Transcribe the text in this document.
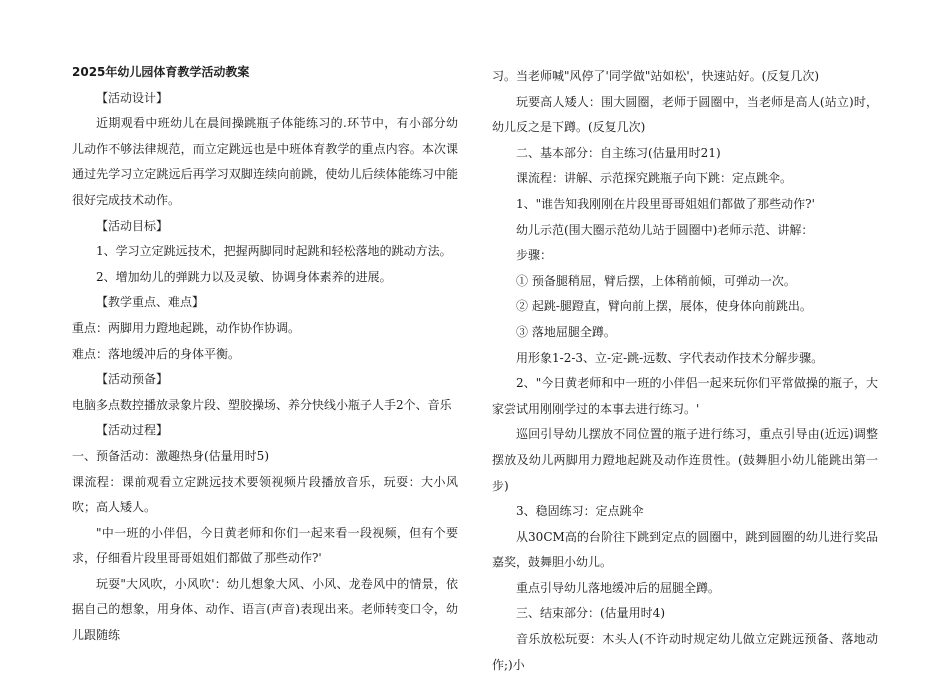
2025年幼儿园体育教学活动教案

【活动设计】

近期观看中班幼儿在晨间操跳瓶子体能练习的.环节中，有小部分幼儿动作不够法律规范，而立定跳远也是中班体育教学的重点内容。本次课通过先学习立定跳远后再学习双脚连续向前跳，使幼儿后续体能练习中能很好完成技术动作。

【活动目标】

1、学习立定跳远技术，把握两脚同时起跳和轻松落地的跳动方法。

2、增加幼儿的弹跳力以及灵敏、协调身体素养的进展。

【教学重点、难点】

重点：两脚用力蹬地起跳，动作协作协调。

难点：落地缓冲后的身体平衡。

【活动预备】

电脑多点数控播放录象片段、塑胶操场、养分快线小瓶子人手2个、音乐

【活动过程】

一、预备活动：激趣热身(估量用时5)

课流程：课前观看立定跳远技术要领视频片段播放音乐，玩耍：大小风吹；高人矮人。

"中一班的小伴侣，今日黄老师和你们一起来看一段视频，但有个要求，仔细看片段里哥哥姐姐们都做了那些动作?'

玩耍"大风吹，小风吹'：幼儿想象大风、小风、龙卷风中的情景，依据自己的想象，用身体、动作、语言(声音)表现出来。老师转变口令，幼儿跟随练

习。当老师喊"风停了'同学做"站如松'，快速站好。(反复几次)

玩要高人矮人：围大圆圈，老师于圆圈中，当老师是高人(站立)时，幼儿反之是下蹲。(反复几次)

二、基本部分：自主练习(估量用时21)

课流程：讲解、示范探究跳瓶子向下跳：定点跳伞。

1、"谁告知我刚刚在片段里哥哥姐姐们都做了那些动作?'

幼儿示范(围大圈示范幼儿站于圆圈中)老师示范、讲解：

步骤：

① 预备腿稍屈，臂后摆，上体稍前倾，可弹动一次。

② 起跳-腿蹬直，臂向前上摆，展体，使身体向前跳出。

③ 落地屈腿全蹲。

用形象1-2-3、立-定-跳-远数、字代表动作技术分解步骤。

2、"今日黄老师和中一班的小伴侣一起来玩你们平常做操的瓶子，大家尝试用刚刚学过的本事去进行练习。'

巡回引导幼儿摆放不同位置的瓶子进行练习，重点引导由(近远)调整摆放及幼儿两脚用力蹬地起跳及动作连贯性。(鼓舞胆小幼儿能跳出第一步)

3、稳固练习：定点跳伞

从30CM高的台阶往下跳到定点的圆圈中，跳到圆圈的幼儿进行奖品嘉奖，鼓舞胆小幼儿。

重点引导幼儿落地缓冲后的屈腿全蹲。

三、结束部分：(估量用时4)

音乐放松玩耍：木头人(不许动时规定幼儿做立定跳远预备、落地动作;)小
